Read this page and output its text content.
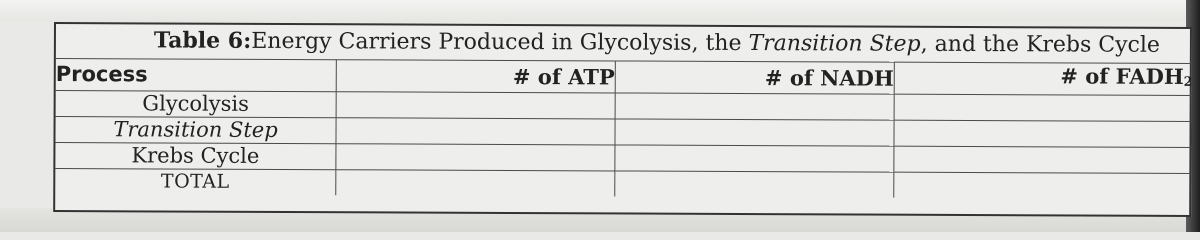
Table 6:Energy Carriers Produced in Glycolysis, the Transition Step, and the Krebs Cycle
Process	# of ATP	# of NADH	# of $FADH_2$
Glycolysis			
Transition Step			
Krebs Cycle			
TOTAL			
